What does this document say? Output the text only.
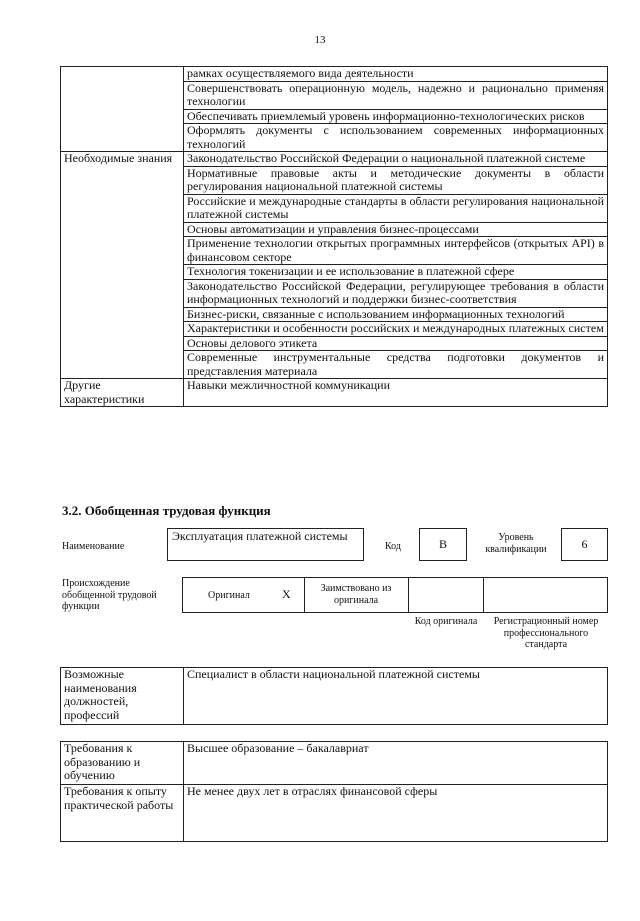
13
	рамках осуществляемого вида деятельности
	Совершенствовать операционную модель, надежно и рационально применяя технологии
	Обеспечивать приемлемый уровень информационно-технологических рисков
	Оформлять документы с использованием современных информационных технологий
Необходимые знания	Законодательство Российской Федерации о национальной платежной системе
	Нормативные правовые акты и методические документы в области регулирования национальной платежной системы
	Российские и международные стандарты в области регулирования национальной платежной системы
	Основы автоматизации и управления бизнес-процессами
	Применение технологии открытых программных интерфейсов (открытых API) в финансовом секторе
	Технология токенизации и ее использование в платежной сфере
	Законодательство Российской Федерации, регулирующее требования в области информационных технологий и поддержки бизнес-соответствия
	Бизнес-риски, связанные с использованием информационных технологий
	Характеристики и особенности российских и международных платежных систем
	Основы делового этикета
	Современные инструментальные средства подготовки документов и представления материала
Другие характеристики	Навыки межличностной коммуникации
3.2. Обобщенная трудовая функция
Наименование
Эксплуатация платежной системы
Код	B	Уровень квалификации	6
Происхождение обобщенной трудовой функции
Оригинал	X	Заимствовано из оригинала
Код оригинала	Регистрационный номер профессионального стандарта
Возможные наименования должностей, профессий	Специалист в области национальной платежной системы
Требования к образованию и обучению	Высшее образование – бакалавриат
Требования к опыту практической работы	Не менее двух лет в отраслях финансовой сферы
